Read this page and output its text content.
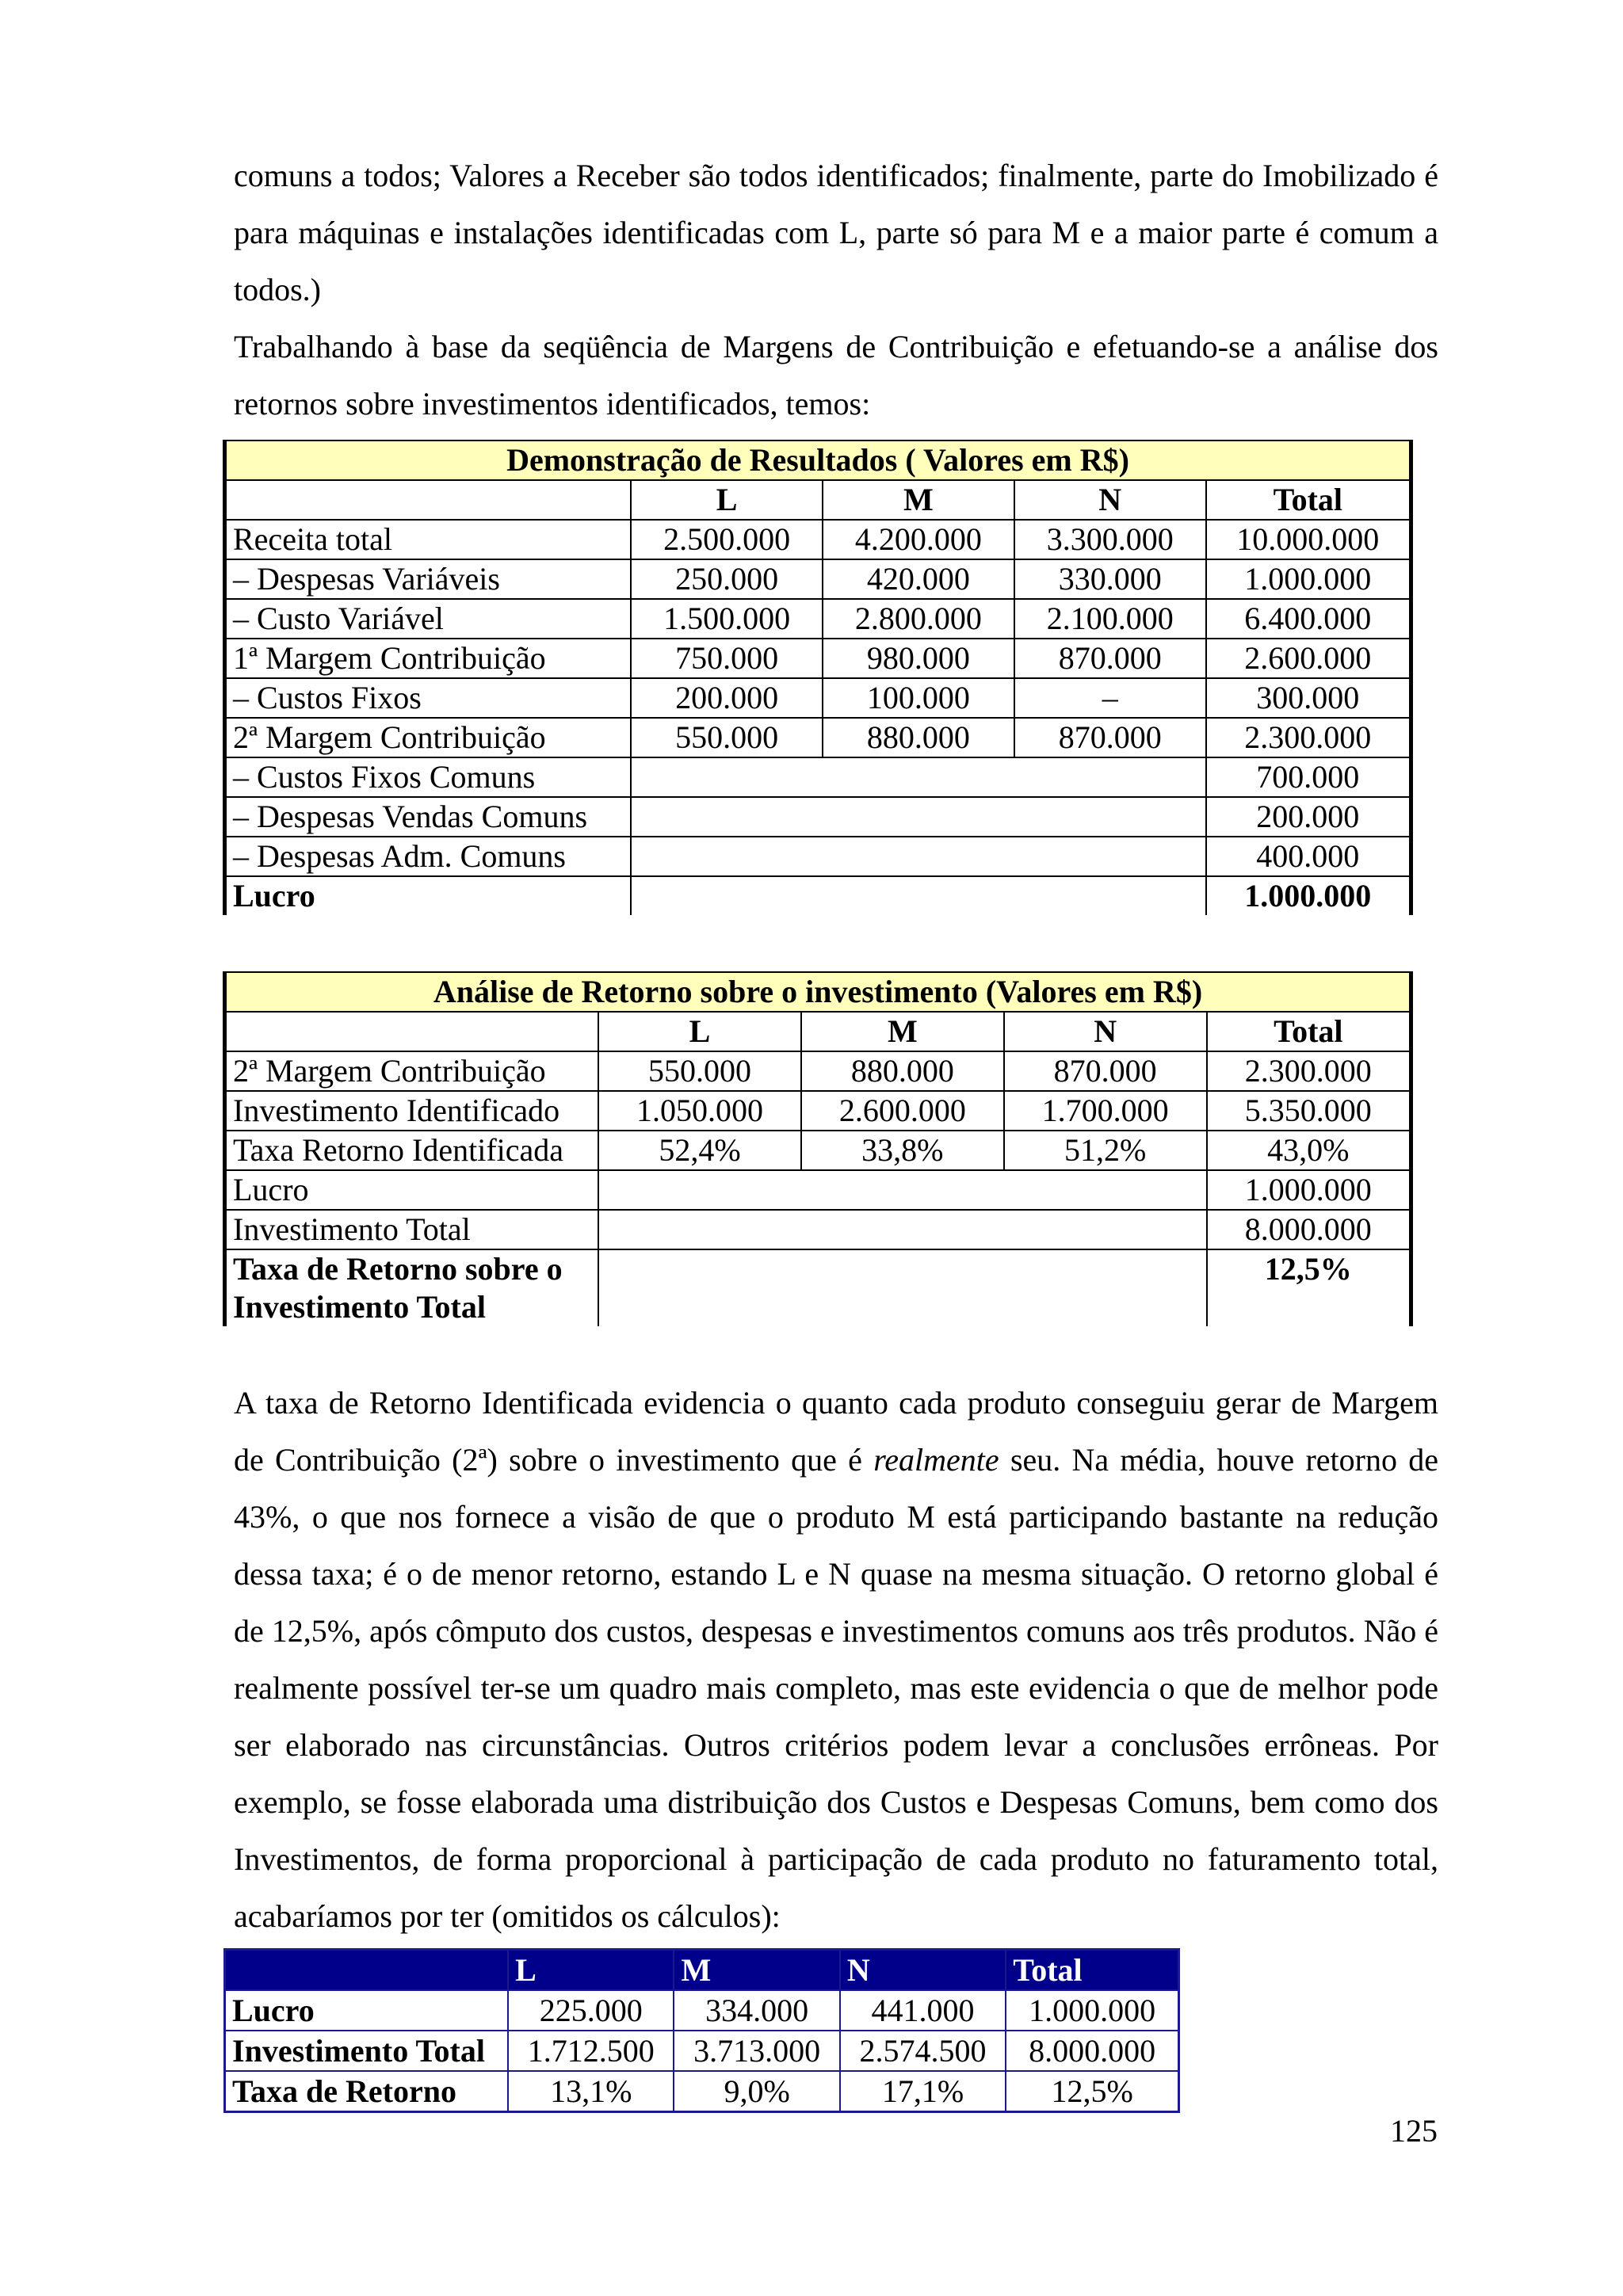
comuns a todos; Valores a Receber são todos identificados; finalmente, parte do Imobilizado é para máquinas e instalações identificadas com L, parte só para M e a maior parte é comum a todos.)

Trabalhando à base da seqüência de Margens de Contribuição e efetuando-se a análise dos retornos sobre investimentos identificados, temos:

Demonstração de Resultados ( Valores em R$)				
	L	M	N	Total
Receita total	2.500.000	4.200.000	3.300.000	10.000.000
– Despesas Variáveis	250.000	420.000	330.000	1.000.000
– Custo Variável	1.500.000	2.800.000	2.100.000	6.400.000
1ª Margem Contribuição	750.000	980.000	870.000	2.600.000
– Custos Fixos	200.000	100.000	–	300.000
2ª Margem Contribuição	550.000	880.000	870.000	2.300.000
– Custos Fixos Comuns				700.000
– Despesas Vendas Comuns				200.000
– Despesas Adm. Comuns				400.000
Lucro				1.000.000
Análise de Retorno sobre o investimento (Valores em R$)				
	L	M	N	Total
2ª Margem Contribuição	550.000	880.000	870.000	2.300.000
Investimento Identificado	1.050.000	2.600.000	1.700.000	5.350.000
Taxa Retorno Identificada	52,4%	33,8%	51,2%	43,0%
Lucro				1.000.000
Investimento Total				8.000.000

Taxa de Retorno sobre o
Investimento Total				12,5%

A taxa de Retorno Identificada evidencia o quanto cada produto conseguiu gerar de Margem de Contribuição (2ª) sobre o investimento que é realmente seu. Na média, houve retorno de 43%, o que nos fornece a visão de que o produto M está participando bastante na redução dessa taxa; é o de menor retorno, estando L e N quase na mesma situação. O retorno global é de 12,5%, após cômputo dos custos, despesas e investimentos comuns aos três produtos. Não é realmente possível ter-se um quadro mais completo, mas este evidencia o que de melhor pode ser elaborado nas circunstâncias. Outros critérios podem levar a conclusões errôneas. Por exemplo, se fosse elaborada uma distribuição dos Custos e Despesas Comuns, bem como dos Investimentos, de forma proporcional à participação de cada produto no faturamento total, acabaríamos por ter (omitidos os cálculos):

	L	M	N	Total
Lucro	225.000	334.000	441.000	1.000.000
Investimento Total	1.712.500	3.713.000	2.574.500	8.000.000
Taxa de Retorno	13,1%	9,0%	17,1%	12,5%
125
